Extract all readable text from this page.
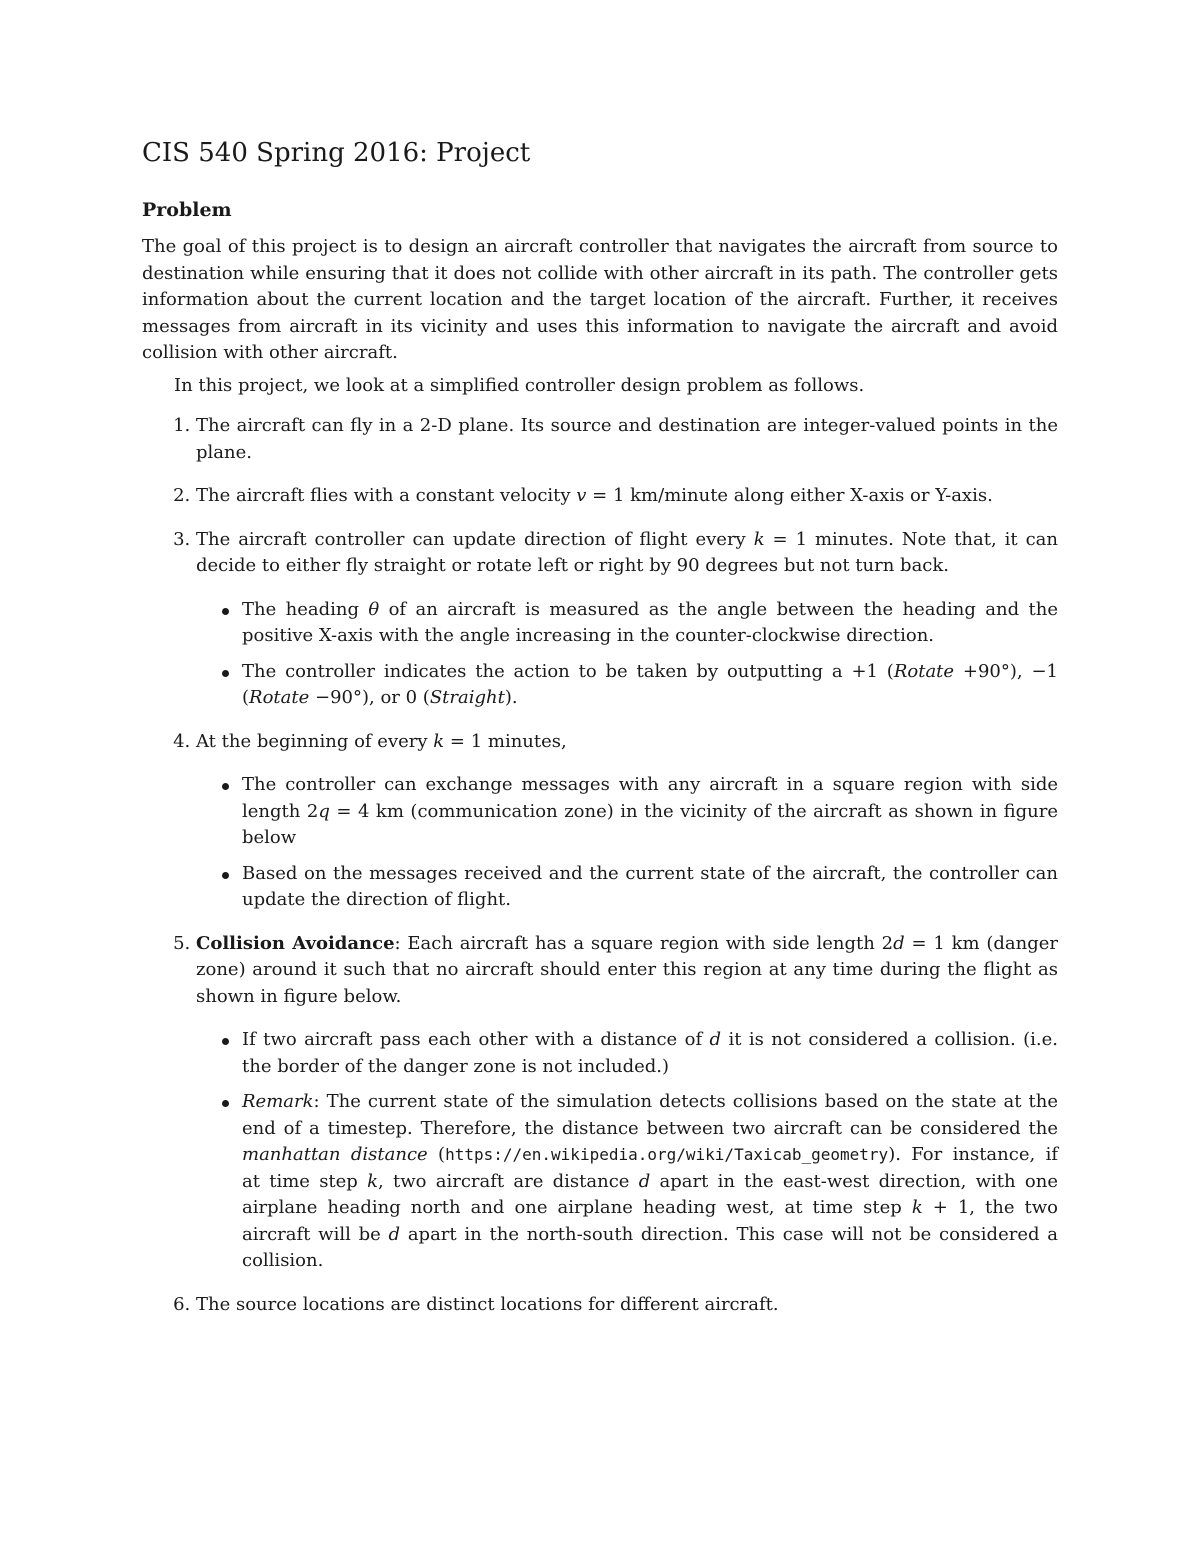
CIS 540 Spring 2016: Project
Problem

The goal of this project is to design an aircraft controller that navigates the aircraft from source to destination while ensuring that it does not collide with other aircraft in its path. The controller gets information about the current location and the target location of the aircraft. Further, it receives messages from aircraft in its vicinity and uses this information to navigate the aircraft and avoid collision with other aircraft.

In this project, we look at a simplified controller design problem as follows.

1. The aircraft can fly in a 2-D plane. Its source and destination are integer-valued points in the plane.
2. The aircraft flies with a constant velocity v = 1 km/minute along either X-axis or Y-axis.
3. The aircraft controller can update direction of flight every k = 1 minutes. Note that, it can decide to either fly straight or rotate left or right by 90 degrees but not turn back.
The heading θ of an aircraft is measured as the angle between the heading and the positive X-axis with the angle increasing in the counter-clockwise direction.
The controller indicates the action to be taken by outputting a +1 (Rotate +90°), −1 (Rotate −90°), or 0 (Straight).
4. At the beginning of every k = 1 minutes,
The controller can exchange messages with any aircraft in a square region with side length 2q = 4 km (communication zone) in the vicinity of the aircraft as shown in figure below
Based on the messages received and the current state of the aircraft, the controller can update the direction of flight.
5. Collision Avoidance: Each aircraft has a square region with side length 2d = 1 km (danger zone) around it such that no aircraft should enter this region at any time during the flight as shown in figure below.
If two aircraft pass each other with a distance of d it is not considered a collision. (i.e. the border of the danger zone is not included.)
Remark: The current state of the simulation detects collisions based on the state at the end of a timestep. Therefore, the distance between two aircraft can be considered the manhattan distance (https://en.wikipedia.org/wiki/Taxicab_geometry). For instance, if at time step k, two aircraft are distance d apart in the east-west direction, with one airplane heading north and one airplane heading west, at time step k + 1, the two aircraft will be d apart in the north-south direction. This case will not be considered a collision.
6. The source locations are distinct locations for different aircraft.
